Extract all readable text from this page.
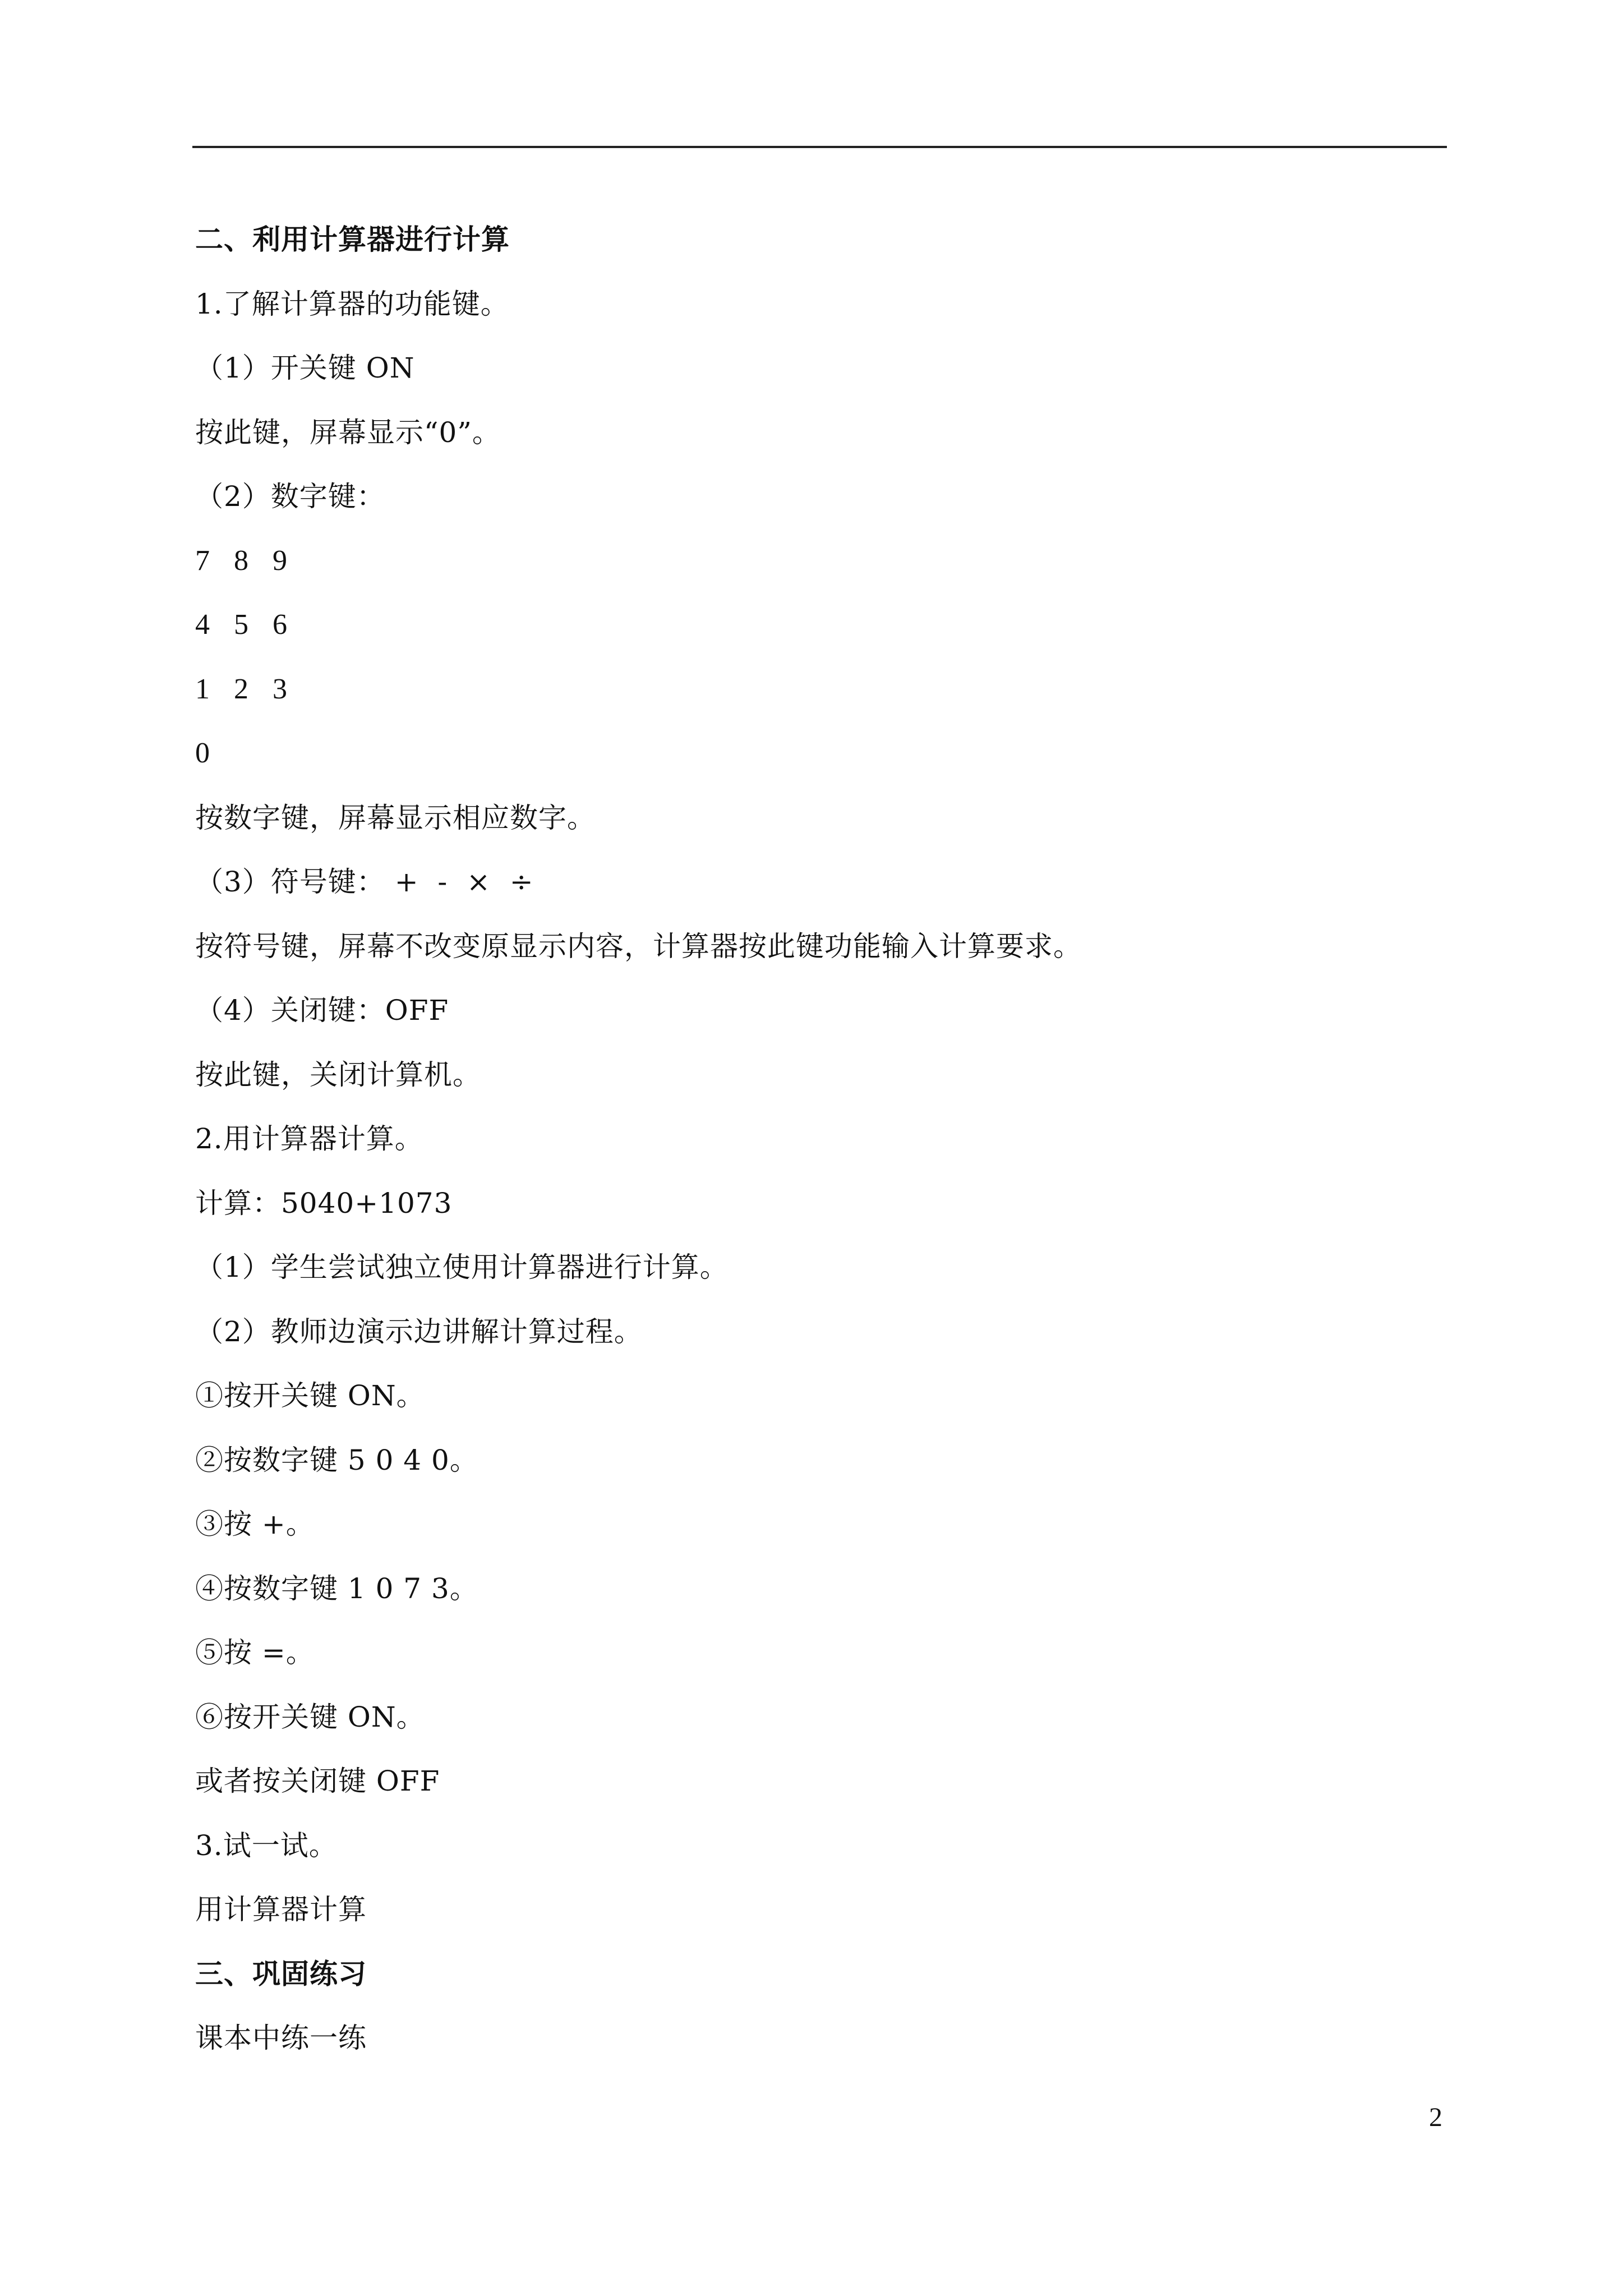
二、利用计算器进行计算
1.了解计算器的功能键。
（1）开关键 ON
按此键，屏幕显示“0”。
（2）数字键：
7   8   9
4   5   6
1   2   3
0
按数字键，屏幕显示相应数字。
（3）符号键： +  -  ×  ÷
按符号键，屏幕不改变原显示内容，计算器按此键功能输入计算要求。
（4）关闭键：OFF
按此键，关闭计算机。
2.用计算器计算。
计算：5040+1073
（1）学生尝试独立使用计算器进行计算。
（2）教师边演示边讲解计算过程。
①按开关键 ON。
②按数字键 5 0 4 0。
③按 +。
④按数字键 1 0 7 3。
⑤按 =。
⑥按开关键 ON。
或者按关闭键 OFF
3.试一试。
用计算器计算
三、巩固练习
课本中练一练
2
